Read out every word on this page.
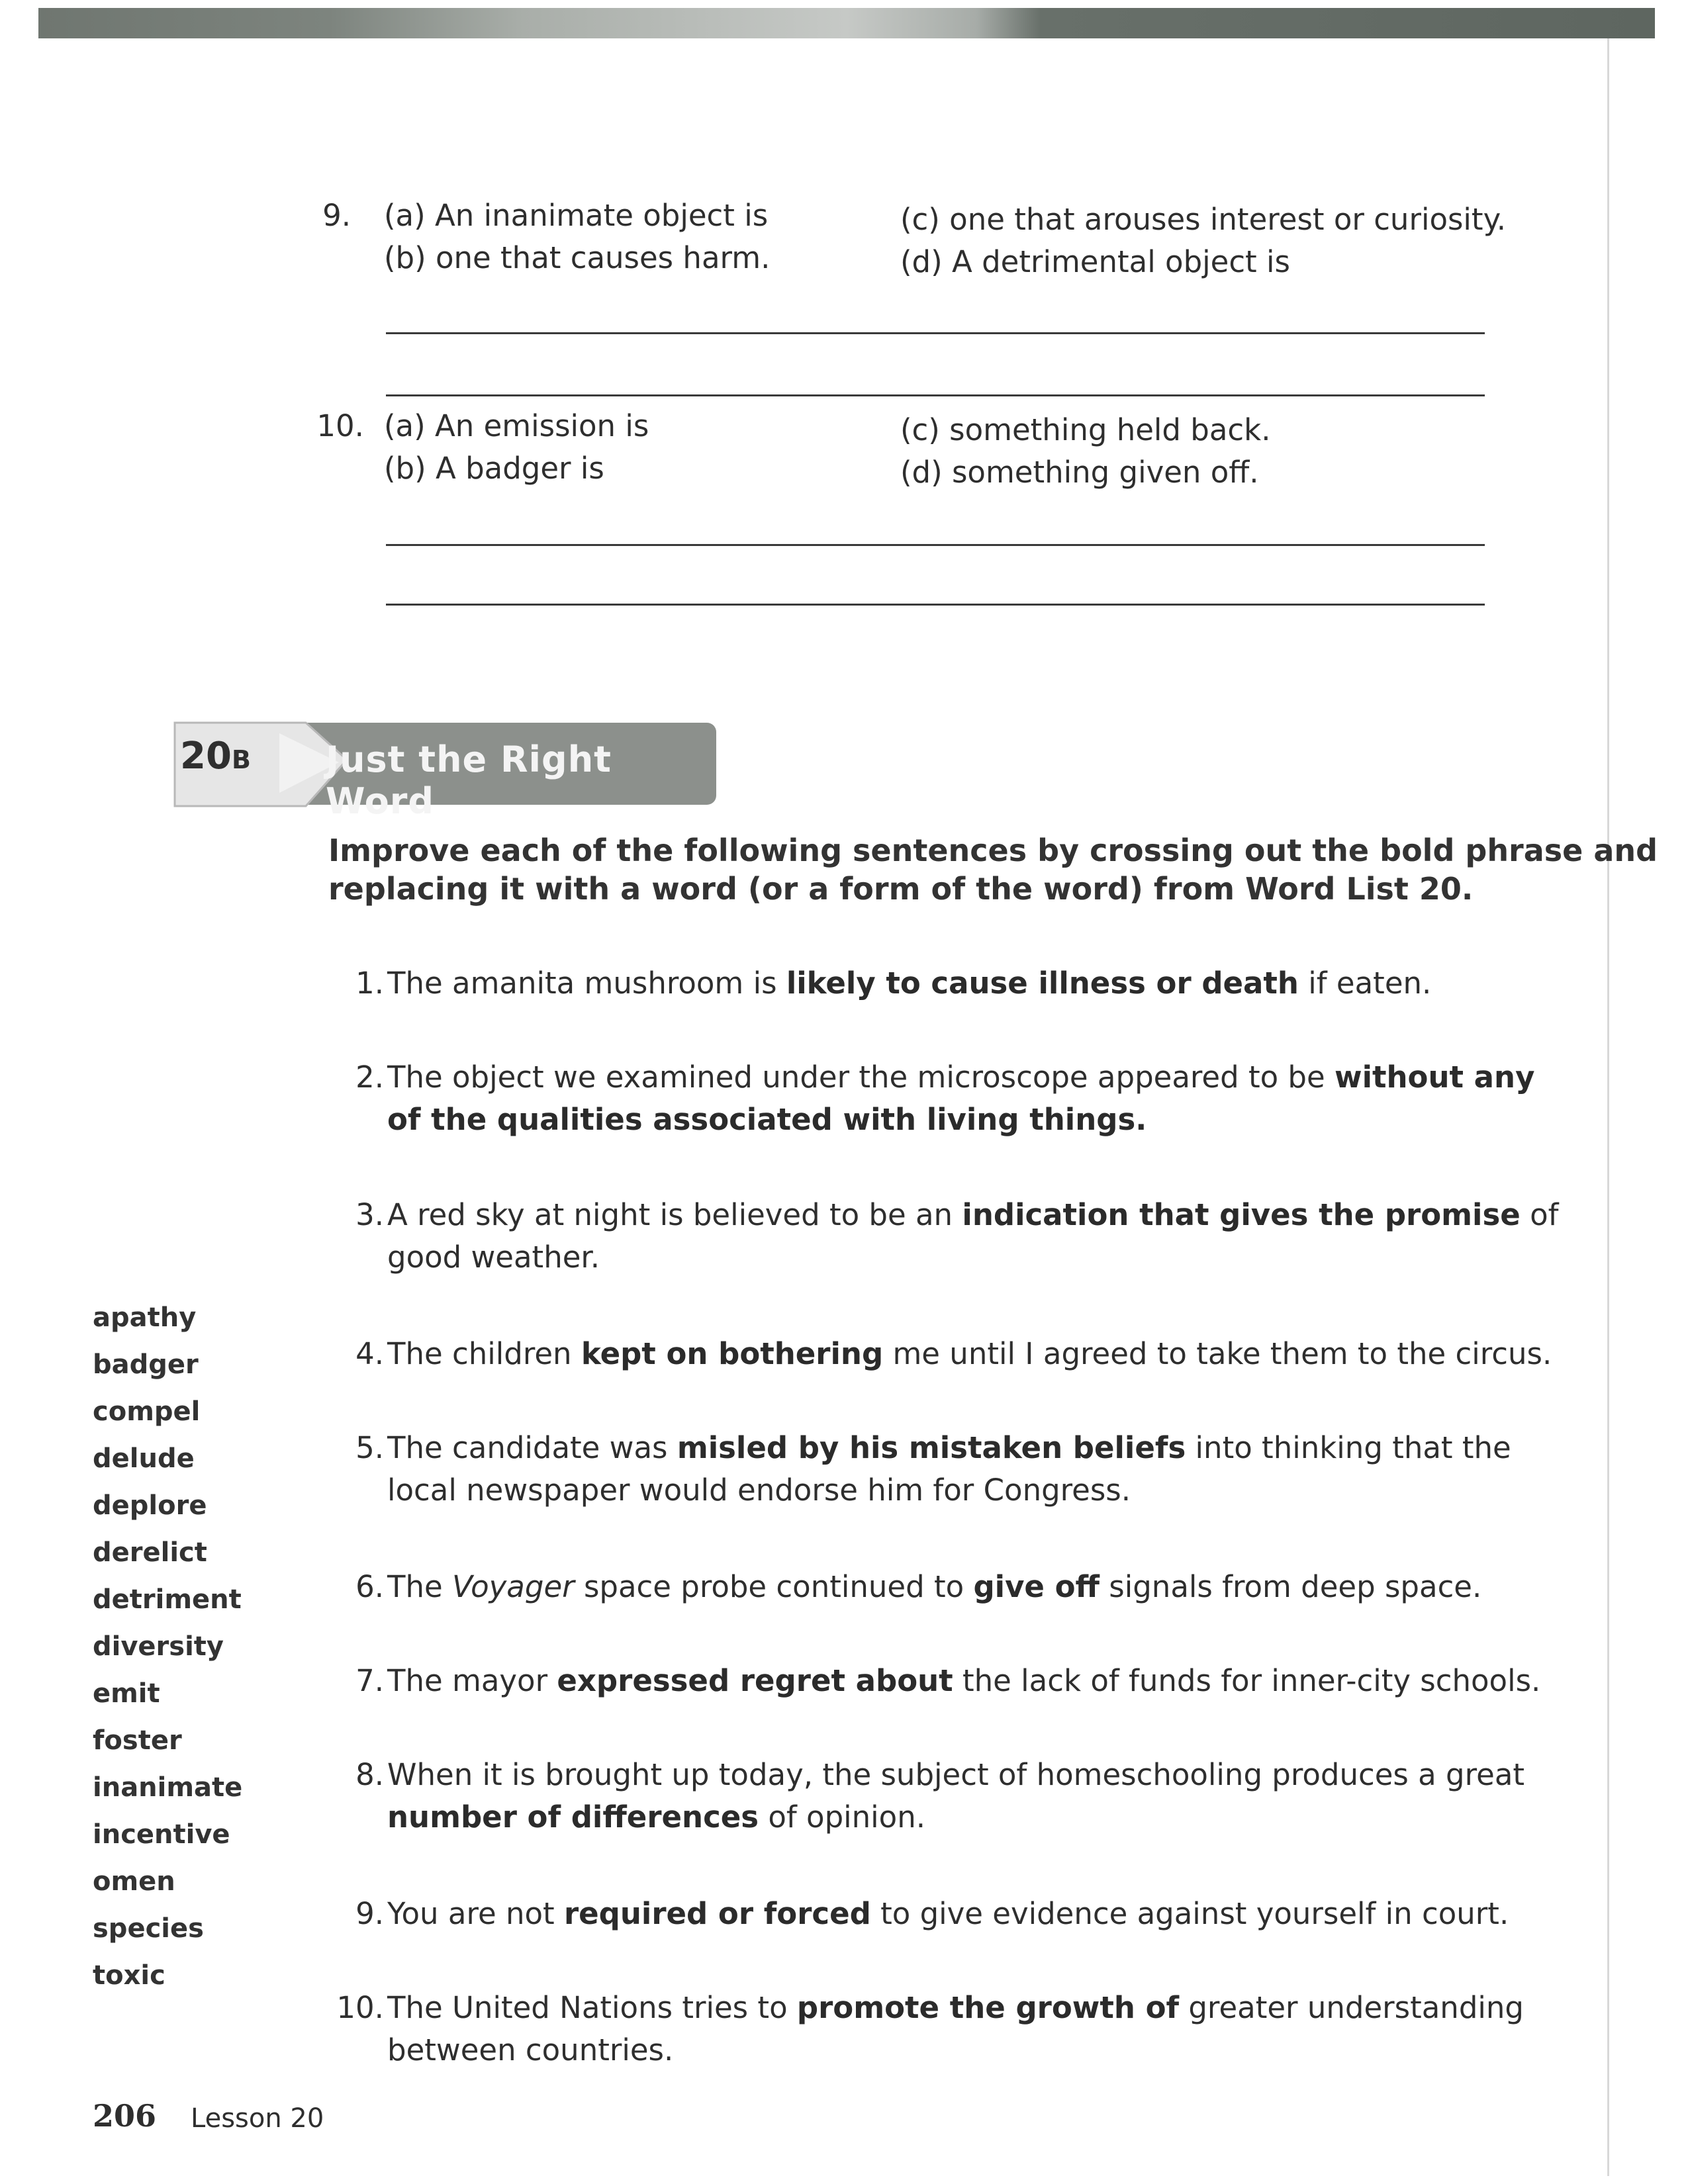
9. (a) An inanimate object is
(b) one that causes harm.
(c) one that arouses interest or curiosity.
(d) A detrimental object is
10. (a) An emission is
(b) A badger is
(c) something held back.
(d) something given off.
20B Just the Right Word
Improve each of the following sentences by crossing out the bold phrase and
replacing it with a word (or a form of the word) from Word List 20.
1. The amanita mushroom is likely to cause illness or death if eaten.
2. The object we examined under the microscope appeared to be without any
of the qualities associated with living things.
3. A red sky at night is believed to be an indication that gives the promise of
good weather.
4. The children kept on bothering me until I agreed to take them to the circus.
5. The candidate was misled by his mistaken beliefs into thinking that the
local newspaper would endorse him for Congress.
6. The Voyager space probe continued to give off signals from deep space.
7. The mayor expressed regret about the lack of funds for inner-city schools.
8. When it is brought up today, the subject of homeschooling produces a great
number of differences of opinion.
9. You are not required or forced to give evidence against yourself in court.
10. The United Nations tries to promote the growth of greater understanding
between countries.
apathy
badger
compel
delude
deplore
derelict
detriment
diversity
emit
foster
inanimate
incentive
omen
species
toxic
206 Lesson 20
